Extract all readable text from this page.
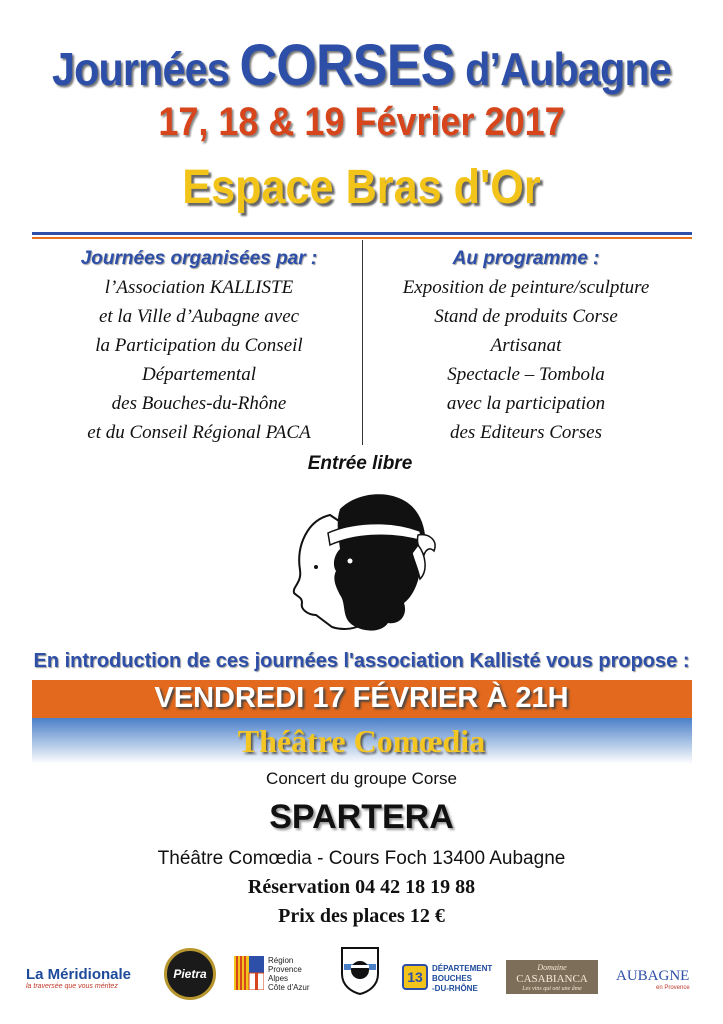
Journées CORSES d’Aubagne
17, 18 & 19 Février 2017
Espace Bras d'Or
Journées organisées par :
l’Association KALLISTE
et la Ville d’Aubagne avec
la Participation du Conseil
Départemental
des Bouches-du-Rhône
et du Conseil Régional PACA
Au programme :
Exposition de peinture/sculpture
Stand de produits Corse
Artisanat
Spectacle – Tombola
avec la participation
des Editeurs Corses
Entrée libre
En introduction de ces journées l'association Kallisté vous propose :
VENDREDI 17 FÉVRIER À 21H
Théâtre Comœdia
Concert du groupe Corse
SPARTERA
Théâtre Comœdia - Cours Foch 13400 Aubagne
Réservation 04 42 18 19 88
Prix des places 12 €
La Méridionale
la traversée que vous méritez
Pietra
Région
Provence
Alpes
Côte d'Azur
13
DÉPARTEMENT
BOUCHES
-DU-RHÔNE
Domaine
CASABIANCA
Les vins qui ont une âme
AUBAGNE
en Provence
